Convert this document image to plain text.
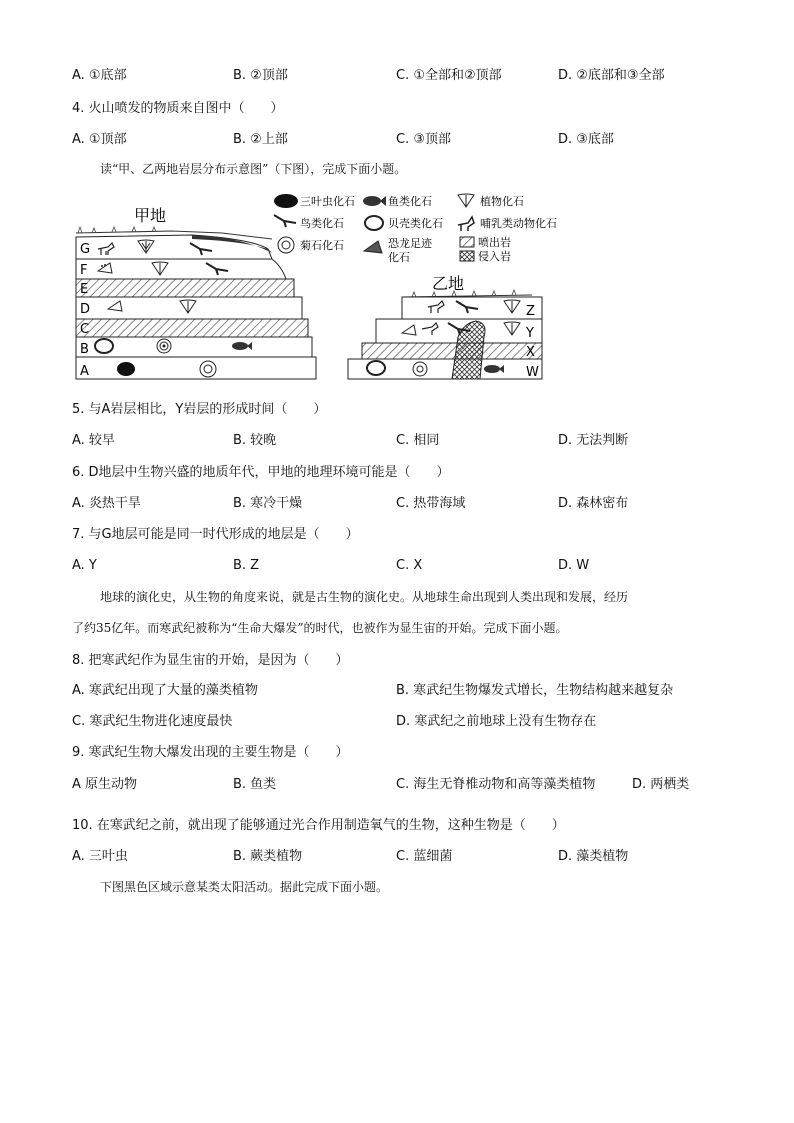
A. ①底部	B. ②顶部	C. ①全部和②顶部	D. ②底部和③全部
4. 火山喷发的物质来自图中（　　）
A. ①顶部	B. ②上部	C. ③顶部	D. ③底部
读“甲、乙两地岩层分布示意图”（下图），完成下面小题。
甲地
G
F
E
D
C
B
A
三叶虫化石	鱼类化石	植物化石
鸟类化石	贝壳类化石	哺乳类动物化石
菊石化石	恐龙足迹
化石
喷出岩
侵入岩
乙地
Z
Y
X
W
5. 与A岩层相比，Y岩层的形成时间（　　）
A. 较早	B. 较晚	C. 相同	D. 无法判断
6. D地层中生物兴盛的地质年代，甲地的地理环境可能是（　　）
A. 炎热干旱	B. 寒冷干燥	C. 热带海域	D. 森林密布
7. 与G地层可能是同一时代形成的地层是（　　）
A. Y	B. Z	C. X	D. W
地球的演化史，从生物的角度来说，就是古生物的演化史。从地球生命出现到人类出现和发展，经历
了约35亿年。而寒武纪被称为“生命大爆发”的时代，也被作为显生宙的开始。完成下面小题。
8. 把寒武纪作为显生宙的开始，是因为（　　）
A. 寒武纪出现了大量的藻类植物	B. 寒武纪生物爆发式增长，生物结构越来越复杂
C. 寒武纪生物进化速度最快	D. 寒武纪之前地球上没有生物存在
9. 寒武纪生物大爆发出现的主要生物是（　　）
A 原生动物	B. 鱼类	C. 海生无脊椎动物和高等藻类植物	D. 两栖类
10. 在寒武纪之前，就出现了能够通过光合作用制造氧气的生物，这种生物是（　　）
A. 三叶虫	B. 蕨类植物	C. 蓝细菌	D. 藻类植物
下图黑色区域示意某类太阳活动。据此完成下面小题。
